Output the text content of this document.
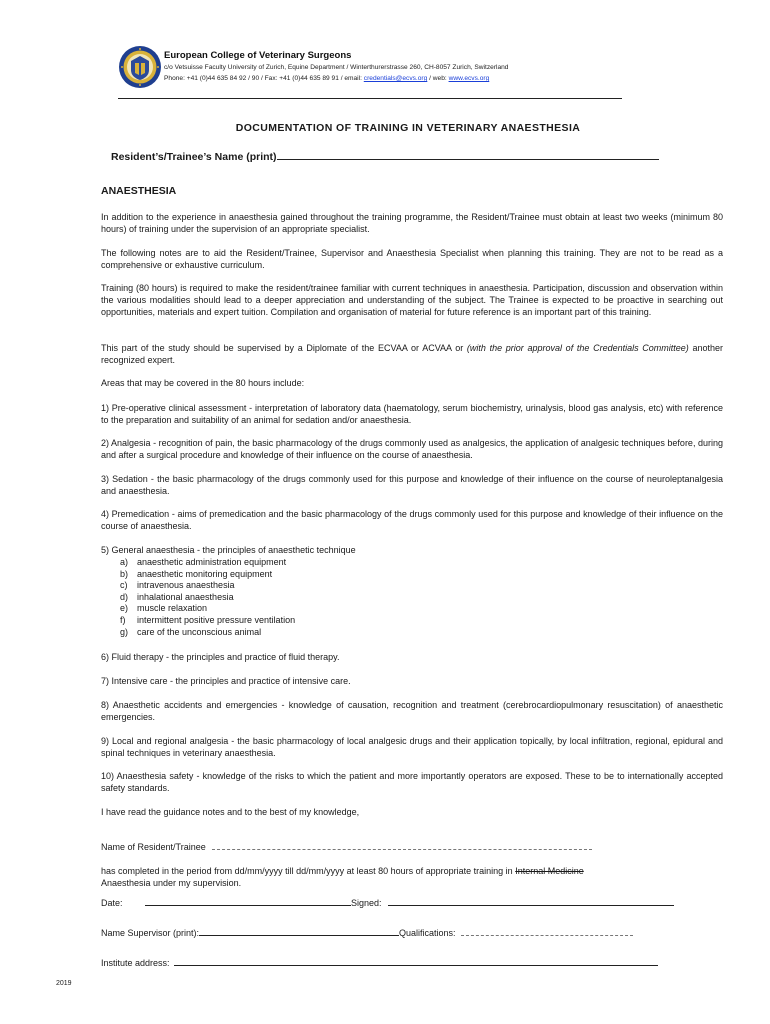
European College of Veterinary Surgeons
c/o Vetsuisse Faculty University of Zurich, Equine Department / Winterthurerstrasse 260, CH-8057 Zurich, Switzerland
Phone: +41 (0)44 635 84 92 / 90 / Fax: +41 (0)44 635 89 91 / email: credentials@ecvs.org / web: www.ecvs.org
DOCUMENTATION OF TRAINING IN VETERINARY ANAESTHESIA
Resident’s/Trainee’s Name (print)
ANAESTHESIA
In addition to the experience in anaesthesia gained throughout the training programme, the Resident/Trainee must obtain at least two weeks (minimum 80 hours) of training under the supervision of an appropriate specialist.
The following notes are to aid the Resident/Trainee, Supervisor and Anaesthesia Specialist when planning this training. They are not to be read as a comprehensive or exhaustive curriculum.
Training (80 hours) is required to make the resident/trainee familiar with current techniques in anaesthesia. Participation, discussion and observation within the various modalities should lead to a deeper appreciation and understanding of the subject. The Trainee is expected to be proactive in searching out opportunities, materials and expert tuition. Compilation and organisation of material for future reference is an important part of this training.
This part of the study should be supervised by a Diplomate of the ECVAA or ACVAA or (with the prior approval of the Credentials Committee) another recognized expert.
Areas that may be covered in the 80 hours include:
1) Pre-operative clinical assessment - interpretation of laboratory data (haematology, serum biochemistry, urinalysis, blood gas analysis, etc) with reference to the preparation and suitability of an animal for sedation and/or anaesthesia.
2) Analgesia - recognition of pain, the basic pharmacology of the drugs commonly used as analgesics, the application of analgesic techniques before, during and after a surgical procedure and knowledge of their influence on the course of anaesthesia.
3) Sedation - the basic pharmacology of the drugs commonly used for this purpose and knowledge of their influence on the course of neuroleptanalgesia and anaesthesia.
4) Premedication - aims of premedication and the basic pharmacology of the drugs commonly used for this purpose and knowledge of their influence on the course of anaesthesia.
5) General anaesthesia - the principles of anaesthetic technique
a) anaesthetic administration equipment
b) anaesthetic monitoring equipment
c)	intravenous anaesthesia
d) inhalational anaesthesia
e) muscle relaxation
f)	intermittent positive pressure ventilation
g) care of the unconscious animal
6) Fluid therapy - the principles and practice of fluid therapy.
7) Intensive care - the principles and practice of intensive care.
8) Anaesthetic accidents and emergencies - knowledge of causation, recognition and treatment (cerebrocardiopulmonary resuscitation) of anaesthetic emergencies.
9) Local and regional analgesia - the basic pharmacology of local analgesic drugs and their application topically, by local infiltration, regional, epidural and spinal techniques in veterinary anaesthesia.
10) Anaesthesia safety - knowledge of the risks to which the patient and more importantly operators are exposed. These to be to internationally accepted safety standards.
I have read the guidance notes and to the best of my knowledge,
Name of Resident/Trainee
has completed in the period from dd/mm/yyyy till dd/mm/yyyy at least 80 hours of appropriate training in Internal Medicine
Anaesthesia under my supervision.
Date:	Signed:
Name Supervisor (print):	Qualifications:
Institute address:
2019
